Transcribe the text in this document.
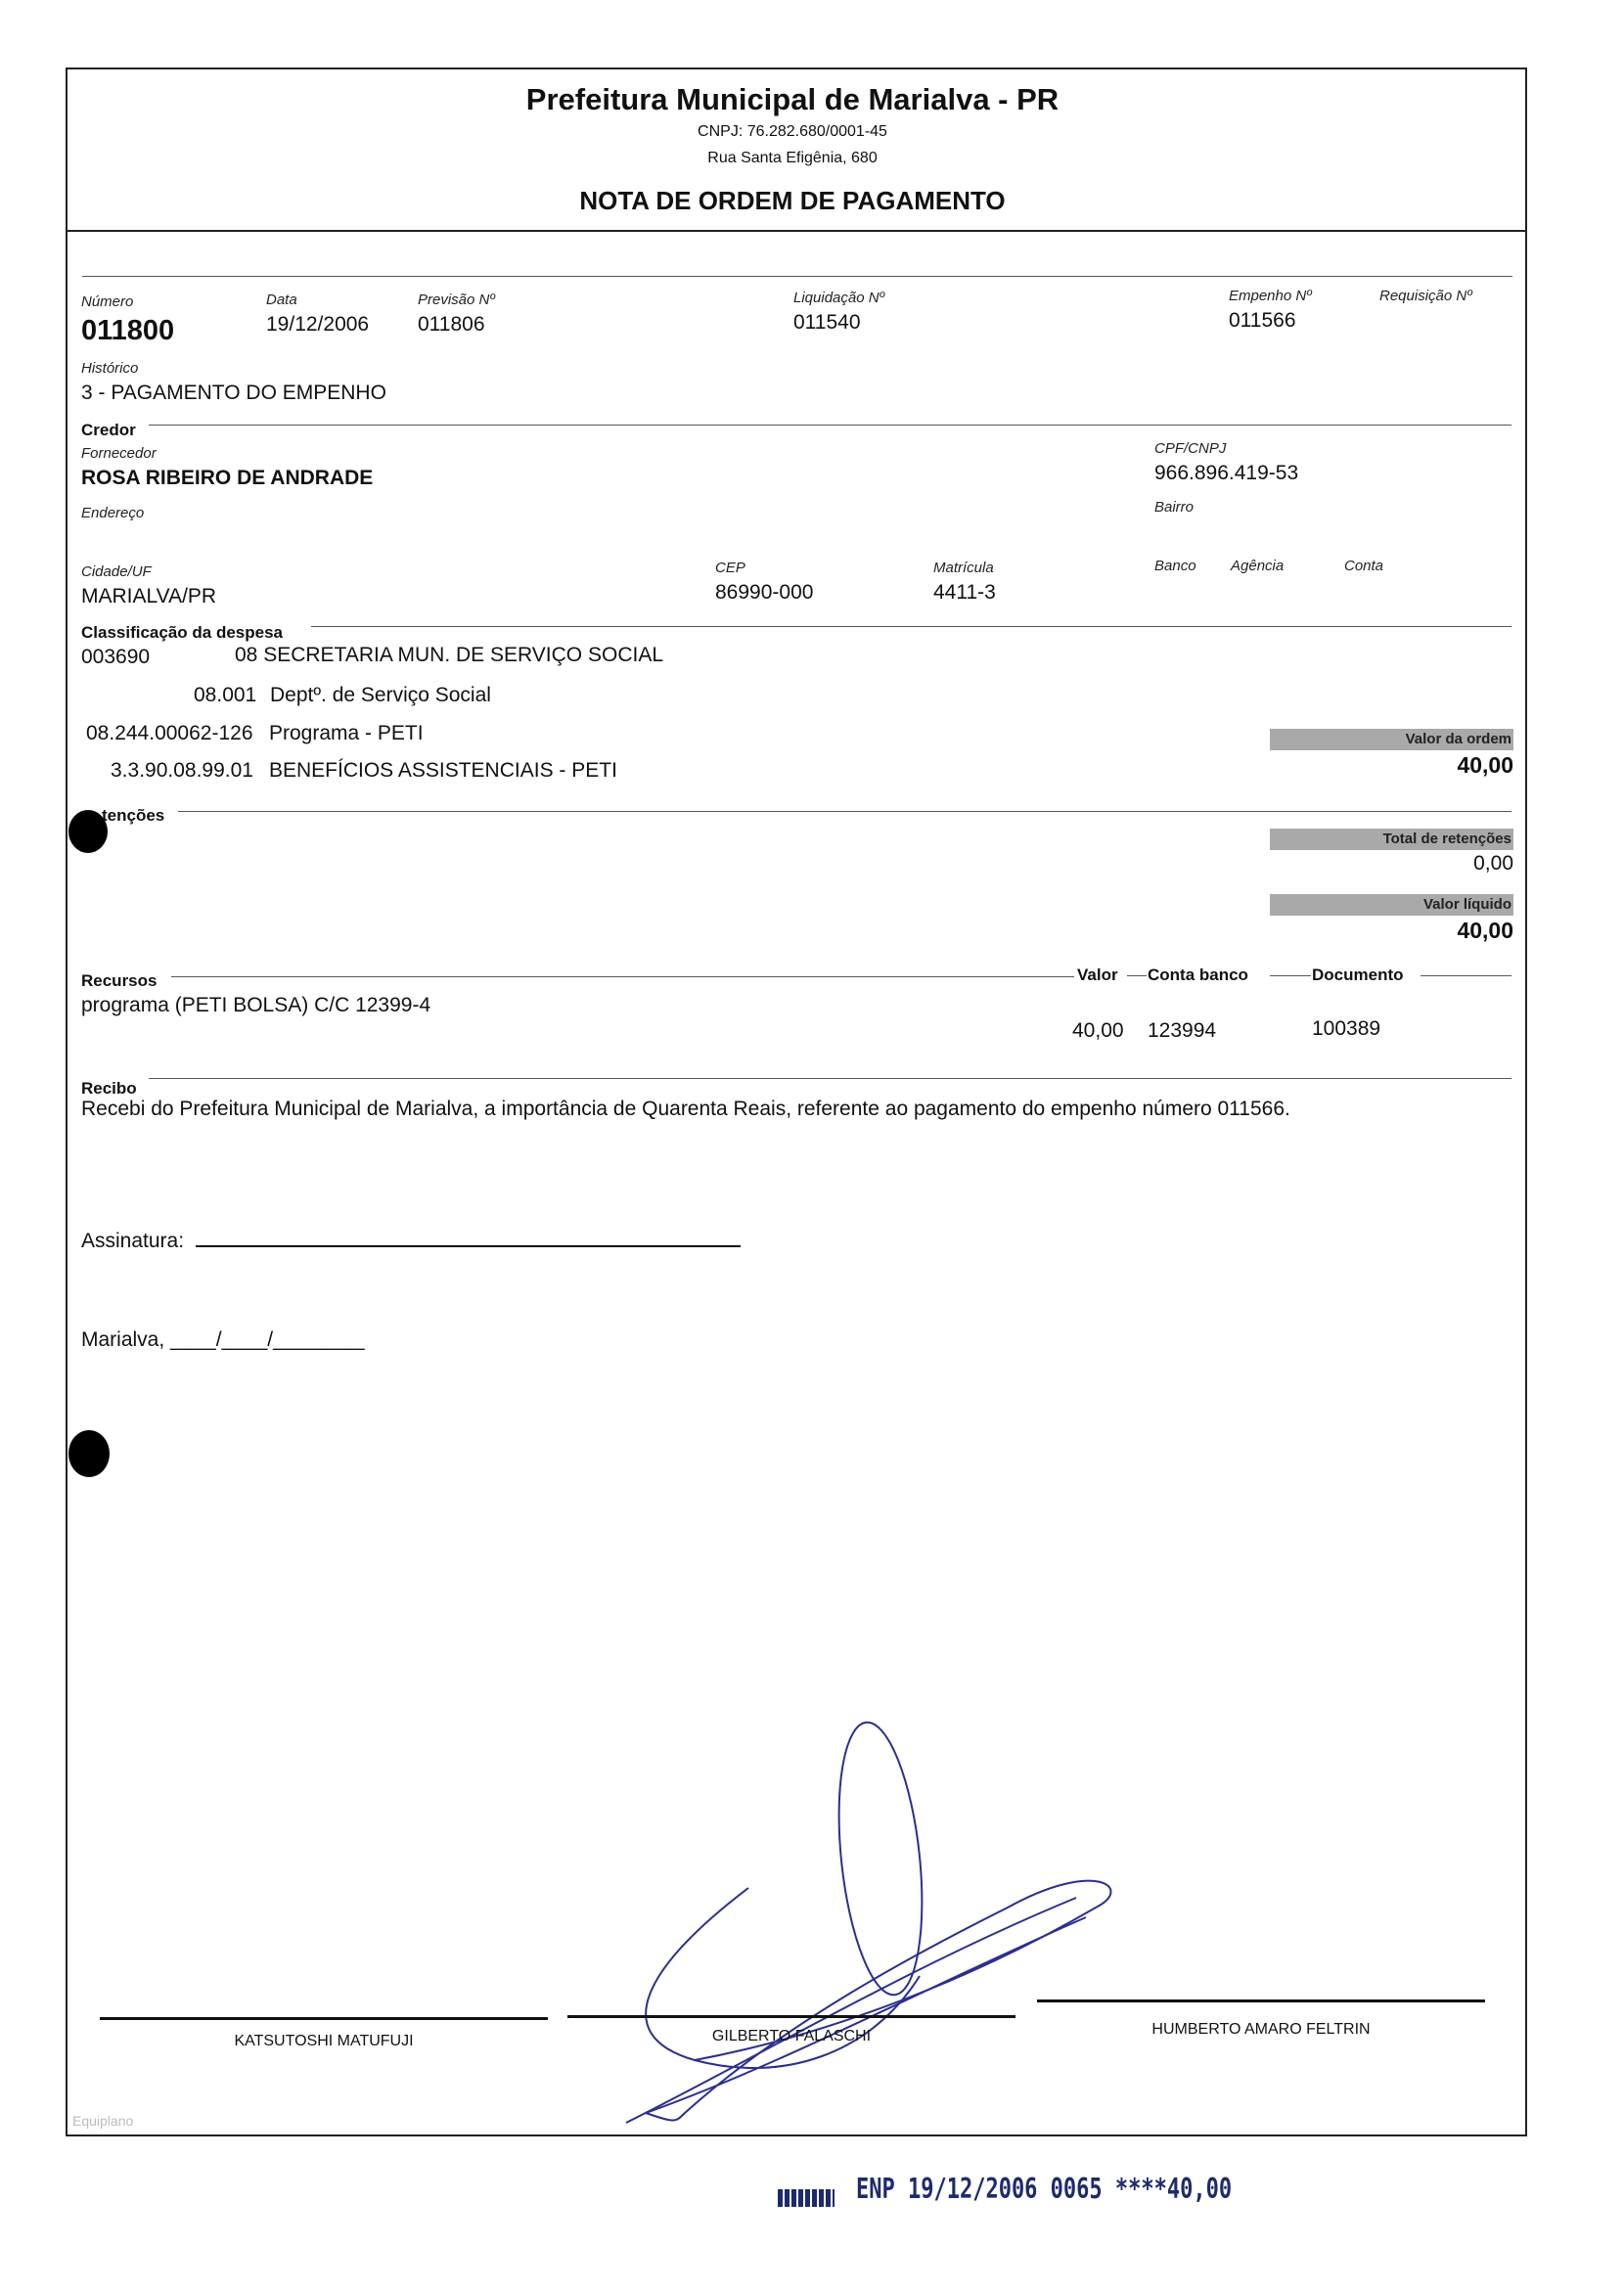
Prefeitura Municipal de Marialva - PR
CNPJ: 76.282.680/0001-45
Rua Santa Efigênia, 680
NOTA DE ORDEM DE PAGAMENTO
Número
011800
Data
19/12/2006
Previsão Nº
011806
Liquidação Nº
011540
Empenho Nº
011566
Requisição Nº
Histórico
3 - PAGAMENTO DO EMPENHO
Credor
Fornecedor
ROSA RIBEIRO DE ANDRADE
CPF/CNPJ
966.896.419-53
Endereço	Bairro
Cidade/UF
MARIALVA/PR
CEP
86990-000
Matrícula
4411-3
Banco Agência	Conta
Classificação da despesa
003690	08 SECRETARIA MUN. DE SERVIÇO SOCIAL
08.001 Deptº. de Serviço Social
08.244.00062-126 Programa - PETI
3.3.90.08.99.01 BENEFÍCIOS ASSISTENCIAIS - PETI
Valor da ordem
40,00
tenções
Total de retenções
0,00
Valor líquido
40,00
Recursos	Valor Conta banco	Documento
programa (PETI BOLSA) C/C 12399-4
40,00 123994	100389
Recibo
Recebi do Prefeitura Municipal de Marialva, a importância de Quarenta Reais, referente ao pagamento do empenho número 011566.
Assinatura:
Marialva, ____/____/________
KATSUTOSHI MATUFUJI	GILBERTO FALASCHI	HUMBERTO AMARO FELTRIN
Equiplano
ENP 19/12/2006 0065 ****40,00
